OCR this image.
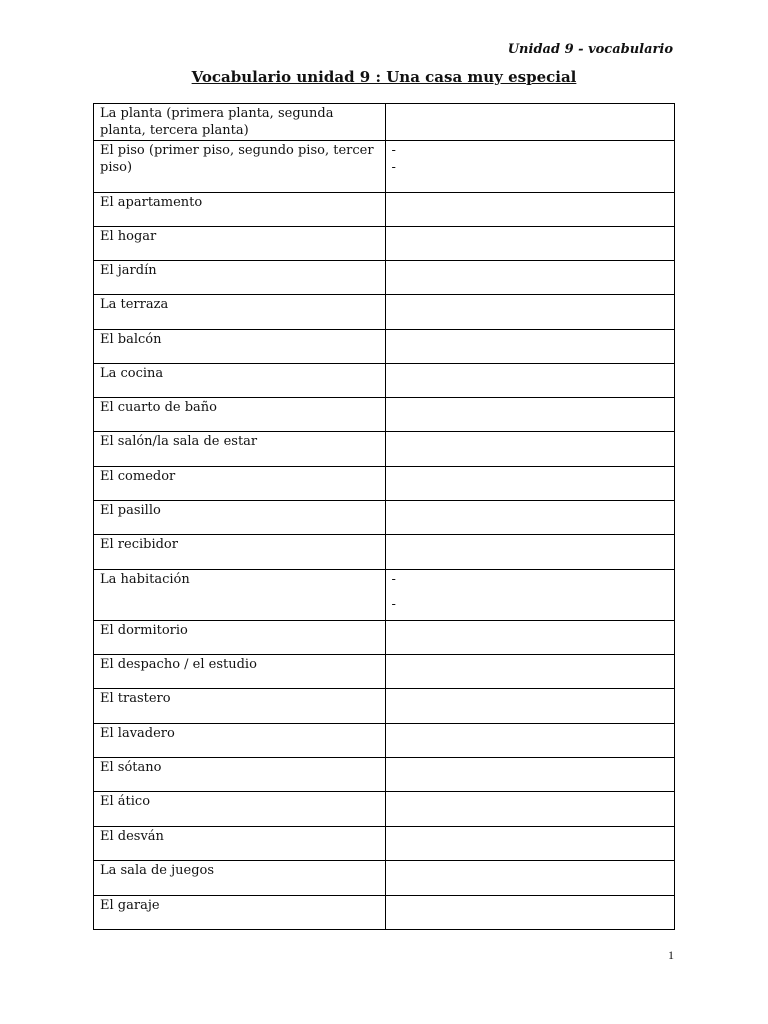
Unidad 9 - vocabulario
Vocabulario unidad 9 : Una casa muy especial
La planta (primera planta, segunda planta, tercera planta)	
El piso (primer piso, segundo piso, tercer piso)	-
-

El apartamento	
El hogar	
El jardín	
La terraza	
El balcón	
La cocina	
El cuarto de baño	
El salón/la sala de estar	
El comedor	
El pasillo	
El recibidor	
La habitación	-
-

El dormitorio	
El despacho / el estudio	
El trastero	
El lavadero	
El sótano	
El ático	
El desván	
La sala de juegos	
El garaje	
1
